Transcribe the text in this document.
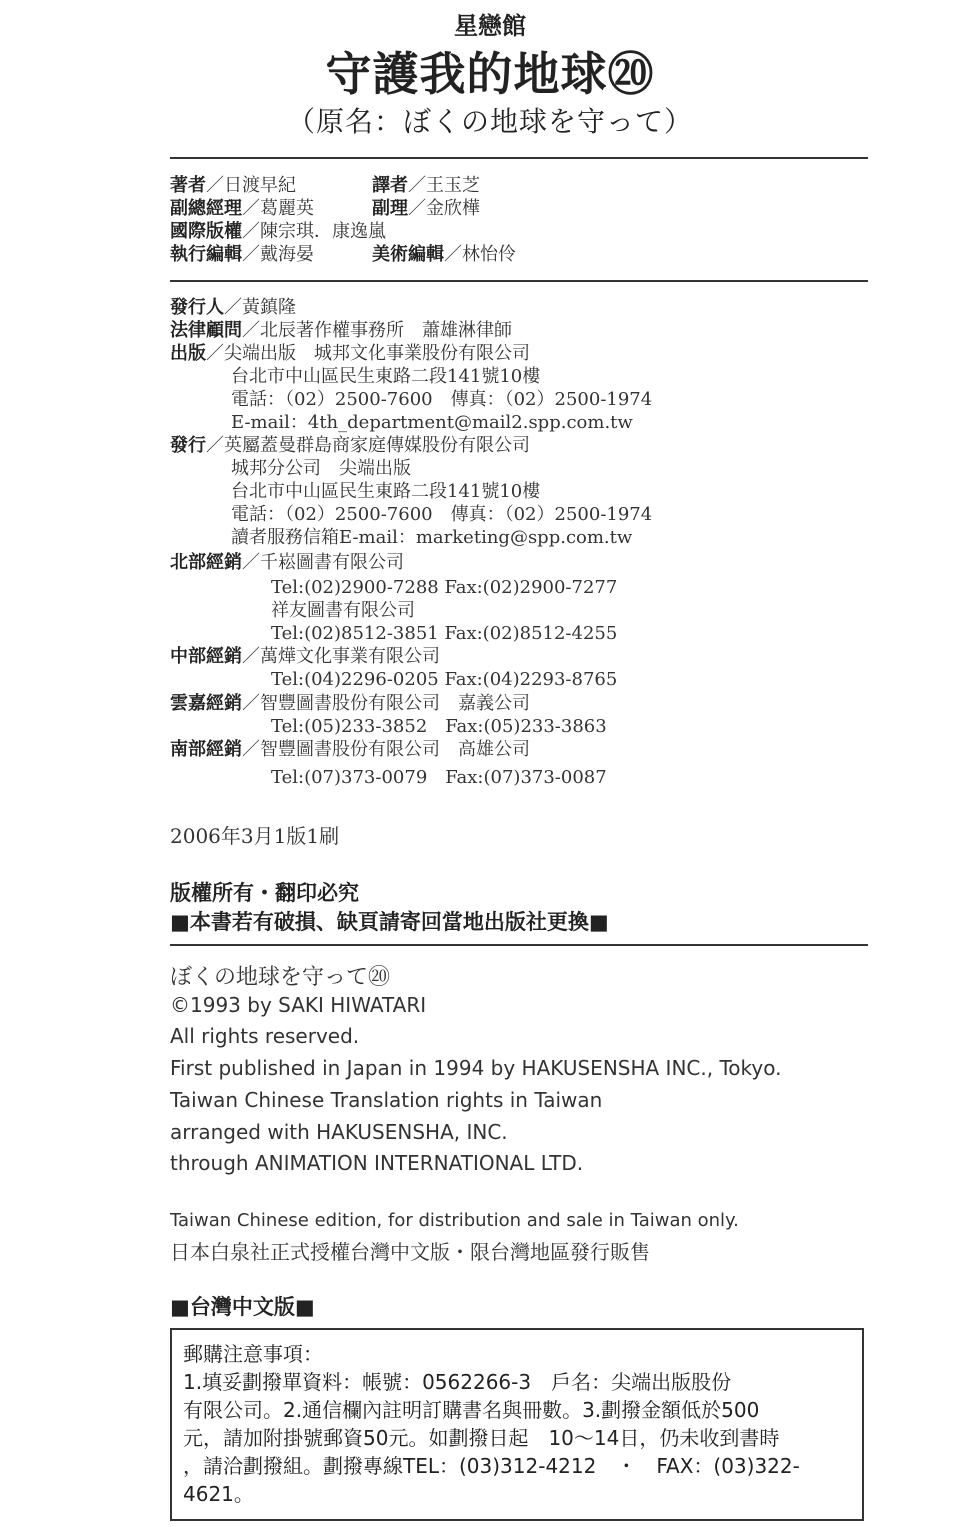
星戀館
守護我的地球⑳
（原名：ぼくの地球を守って）
著者／日渡早紀	譯者／王玉芝
副總經理／葛麗英	副理／金欣樺
國際版權／陳宗琪．康逸嵐
執行編輯／戴海晏	美術編輯／林怡伶
發行人／黃鎮隆
法律顧問／北辰著作權事務所　蕭雄淋律師
出版／尖端出版　城邦文化事業股份有限公司
台北市中山區民生東路二段141號10樓
電話：（02）2500-7600　傳真：（02）2500-1974
E-mail：4th_department@mail2.spp.com.tw
發行／英屬蓋曼群島商家庭傳媒股份有限公司
城邦分公司　尖端出版
台北市中山區民生東路二段141號10樓
電話：（02）2500-7600　傳真：（02）2500-1974
讀者服務信箱E-mail：marketing@spp.com.tw
北部經銷／千崧圖書有限公司
Tel:(02)2900-7288 Fax:(02)2900-7277
祥友圖書有限公司
Tel:(02)8512-3851 Fax:(02)8512-4255
中部經銷／萬燁文化事業有限公司
Tel:(04)2296-0205 Fax:(04)2293-8765
雲嘉經銷／智豐圖書股份有限公司　嘉義公司
Tel:(05)233-3852　Fax:(05)233-3863
南部經銷／智豐圖書股份有限公司　高雄公司
Tel:(07)373-0079　Fax:(07)373-0087
2006年3月1版1刷
版權所有・翻印必究
■本書若有破損、缺頁請寄回當地出版社更換■
ぼくの地球を守って⑳
©1993 by SAKI HIWATARI
All rights reserved.
First published in Japan in 1994 by HAKUSENSHA INC., Tokyo.
Taiwan Chinese Translation rights in Taiwan
arranged with HAKUSENSHA, INC.
through ANIMATION INTERNATIONAL LTD.
Taiwan Chinese edition, for distribution and sale in Taiwan only.
日本白泉社正式授權台灣中文版・限台灣地區發行販售
■台灣中文版■
郵購注意事項：
1.填妥劃撥單資料：帳號：0562266-3　戶名：尖端出版股份
有限公司。2.通信欄內註明訂購書名與冊數。3.劃撥金額低於500
元，請加附掛號郵資50元。如劃撥日起　10～14日，仍未收到書時
，請洽劃撥組。劃撥專線TEL：(03)312-4212　・　FAX：(03)322-
4621。
